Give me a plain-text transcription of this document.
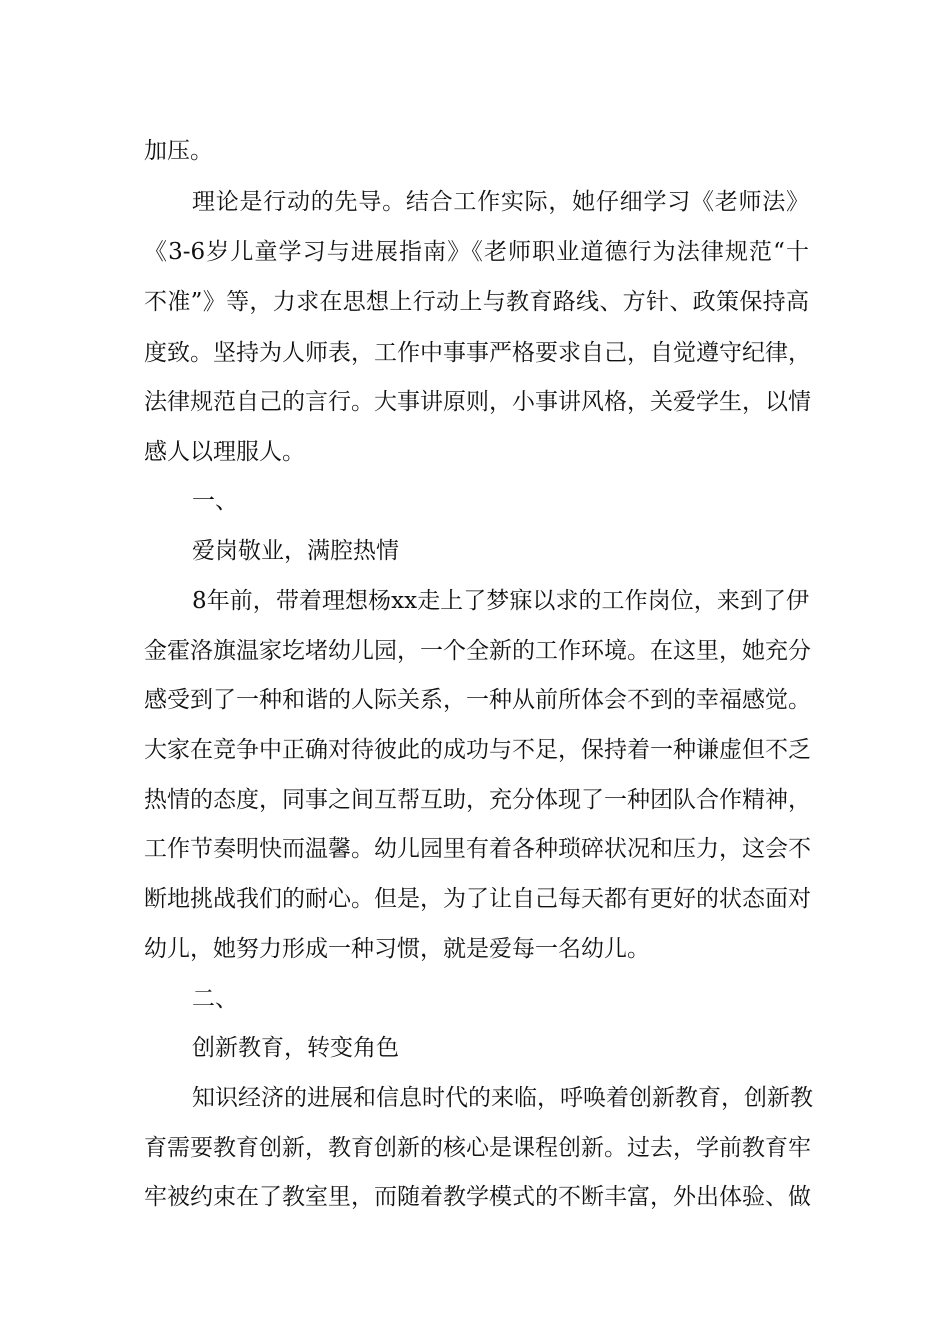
加压。
理论是行动的先导。结合工作实际，她仔细学习《老师法》
《3-6岁儿童学习与进展指南》《老师职业道德行为法律规范“十
不准”》等，力求在思想上行动上与教育路线、方针、政策保持高
度致。坚持为人师表，工作中事事严格要求自己，自觉遵守纪律，
法律规范自己的言行。大事讲原则，小事讲风格，关爱学生，以情
感人以理服人。
一、
爱岗敬业，满腔热情
8年前，带着理想杨xx走上了梦寐以求的工作岗位，来到了伊
金霍洛旗温家圪堵幼儿园，一个全新的工作环境。在这里，她充分
感受到了一种和谐的人际关系，一种从前所体会不到的幸福感觉。
大家在竞争中正确对待彼此的成功与不足，保持着一种谦虚但不乏
热情的态度，同事之间互帮互助，充分体现了一种团队合作精神，
工作节奏明快而温馨。幼儿园里有着各种琐碎状况和压力，这会不
断地挑战我们的耐心。但是，为了让自己每天都有更好的状态面对
幼儿，她努力形成一种习惯，就是爱每一名幼儿。
二、
创新教育，转变角色
知识经济的进展和信息时代的来临，呼唤着创新教育，创新教
育需要教育创新，教育创新的核心是课程创新。过去，学前教育牢
牢被约束在了教室里，而随着教学模式的不断丰富，外出体验、做
